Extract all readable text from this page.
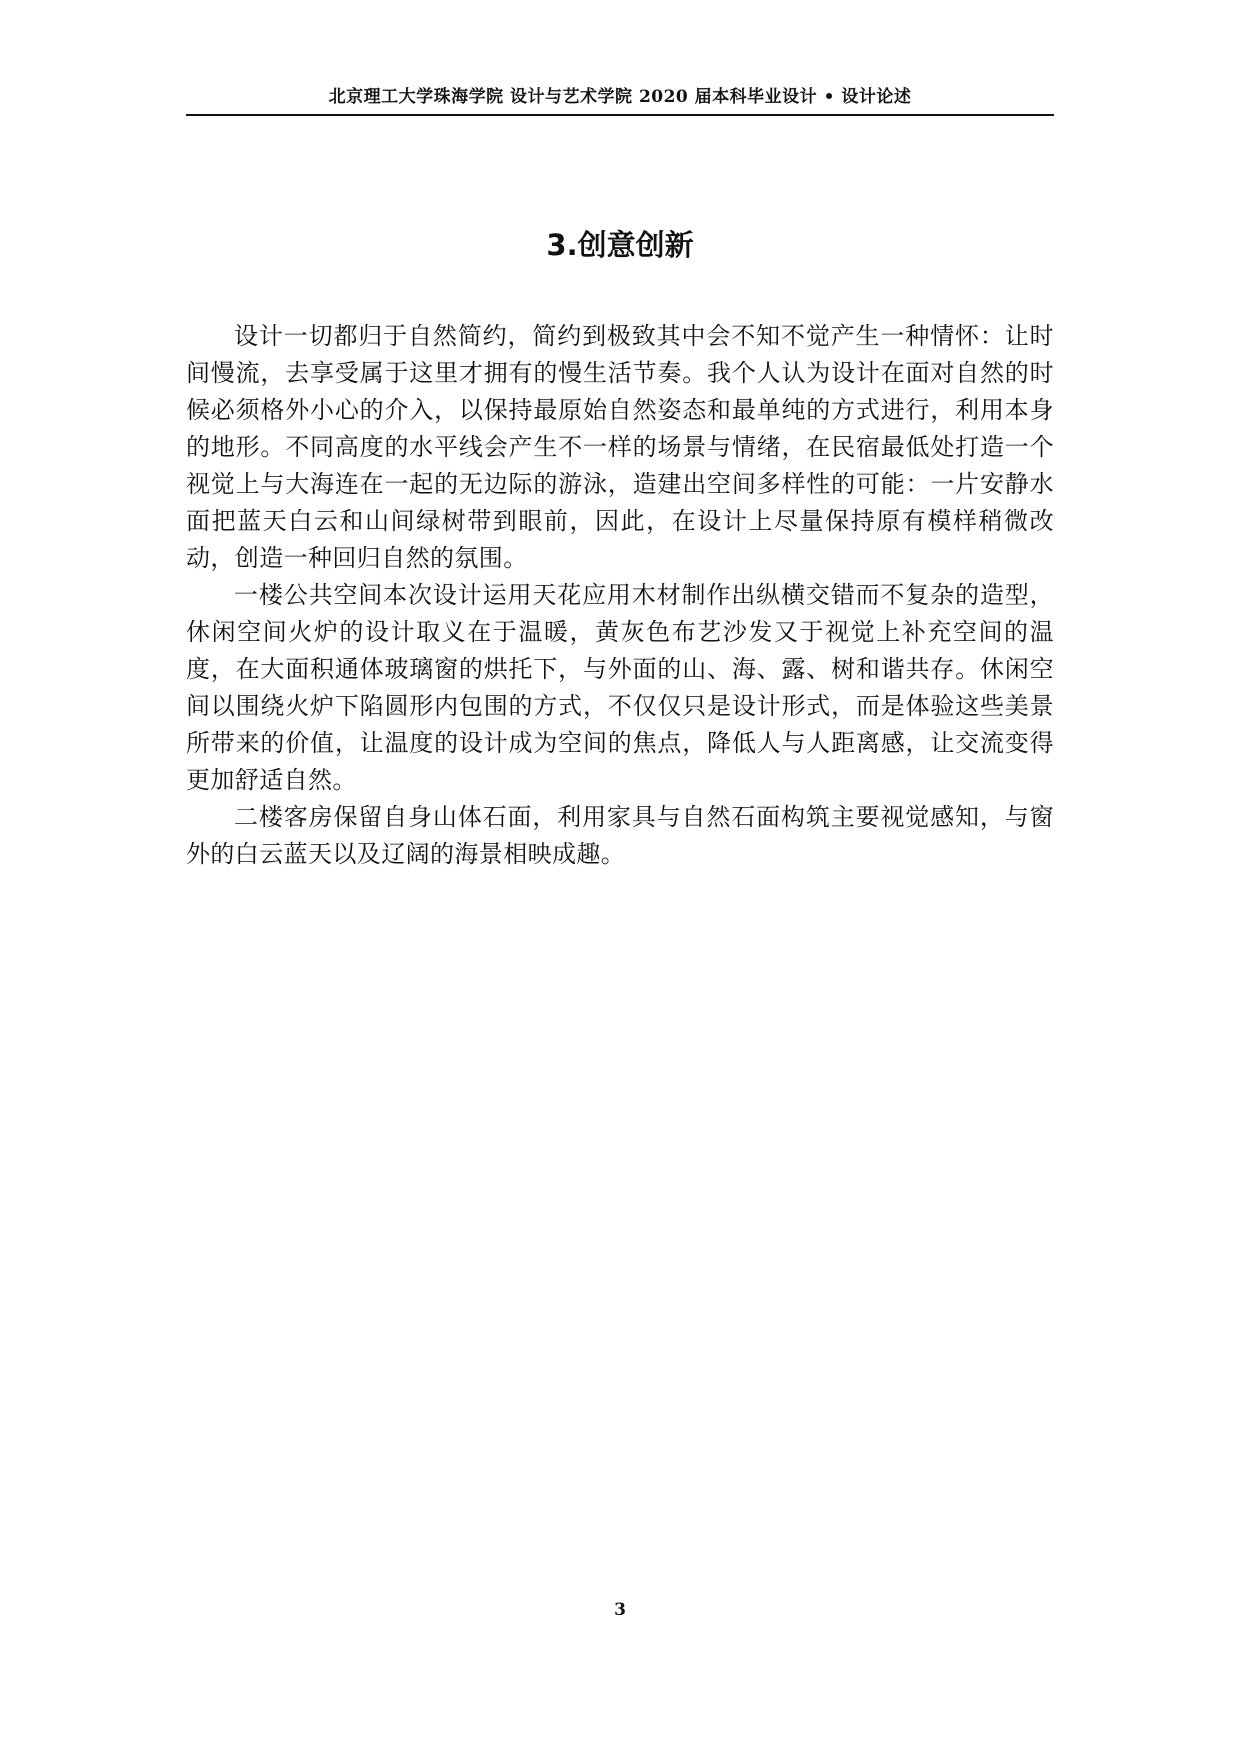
北京理工大学珠海学院 设计与艺术学院 2020 届本科毕业设计 • 设计论述
3.创意创新

设计一切都归于自然简约，简约到极致其中会不知不觉产生一种情怀：让时间慢流，去享受属于这里才拥有的慢生活节奏。我个人认为设计在面对自然的时候必须格外小心的介入，以保持最原始自然姿态和最单纯的方式进行，利用本身的地形。不同高度的水平线会产生不一样的场景与情绪，在民宿最低处打造一个视觉上与大海连在一起的无边际的游泳，造建出空间多样性的可能：一片安静水面把蓝天白云和山间绿树带到眼前，因此，在设计上尽量保持原有模样稍微改动，创造一种回归自然的氛围。

一楼公共空间本次设计运用天花应用木材制作出纵横交错而不复杂的造型，休闲空间火炉的设计取义在于温暖，黄灰色布艺沙发又于视觉上补充空间的温度，在大面积通体玻璃窗的烘托下，与外面的山、海、露、树和谐共存。休闲空间以围绕火炉下陷圆形内包围的方式，不仅仅只是设计形式，而是体验这些美景所带来的价值，让温度的设计成为空间的焦点，降低人与人距离感，让交流变得更加舒适自然。

二楼客房保留自身山体石面，利用家具与自然石面构筑主要视觉感知，与窗外的白云蓝天以及辽阔的海景相映成趣。

3
